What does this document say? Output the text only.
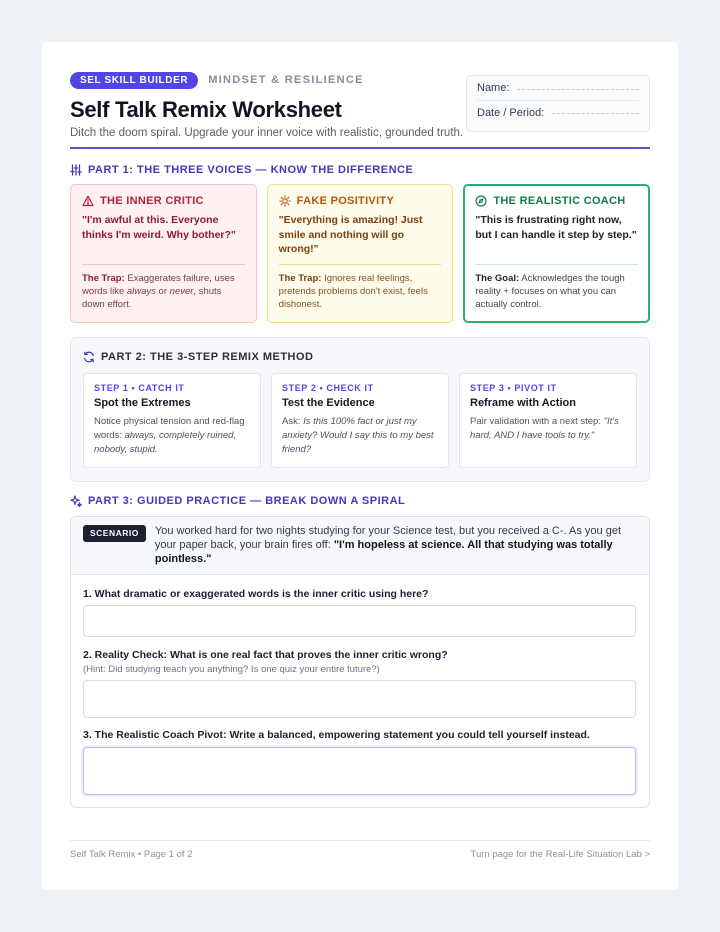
SEL SKILL BUILDER	MINDSET & RESILIENCE
Self Talk Remix Worksheet
Ditch the doom spiral. Upgrade your inner voice with realistic, grounded truth.
Name:
Date / Period:
PART 1: THE THREE VOICES — KNOW THE DIFFERENCE
THE INNER CRITIC
"I'm awful at this. Everyone thinks I'm weird. Why bother?"
The Trap: Exaggerates failure, uses words like always or never, shuts down effort.
FAKE POSITIVITY
"Everything is amazing! Just smile and nothing will go wrong!"
The Trap: Ignores real feelings, pretends problems don't exist, feels dishonest.
THE REALISTIC COACH
"This is frustrating right now, but I can handle it step by step."
The Goal: Acknowledges the tough reality + focuses on what you can actually control.
PART 2: THE 3-STEP REMIX METHOD
STEP 1 • CATCH IT
Spot the Extremes
Notice physical tension and red-flag words: always, completely ruined, nobody, stupid.
STEP 2 • CHECK IT
Test the Evidence
Ask: Is this 100% fact or just my anxiety? Would I say this to my best friend?
STEP 3 • PIVOT IT
Reframe with Action
Pair validation with a next step: "It's hard, AND I have tools to try."
PART 3: GUIDED PRACTICE — BREAK DOWN A SPIRAL
SCENARIO	You worked hard for two nights studying for your Science test, but you received a C-. As you get your paper back, your brain fires off: "I'm hopeless at science. All that studying was totally pointless."
1. What dramatic or exaggerated words is the inner critic using here?
2. Reality Check: What is one real fact that proves the inner critic wrong?
(Hint: Did studying teach you anything? Is one quiz your entire future?)
3. The Realistic Coach Pivot: Write a balanced, empowering statement you could tell yourself instead.
Self Talk Remix • Page 1 of 2	Turn page for the Real-Life Situation Lab >
